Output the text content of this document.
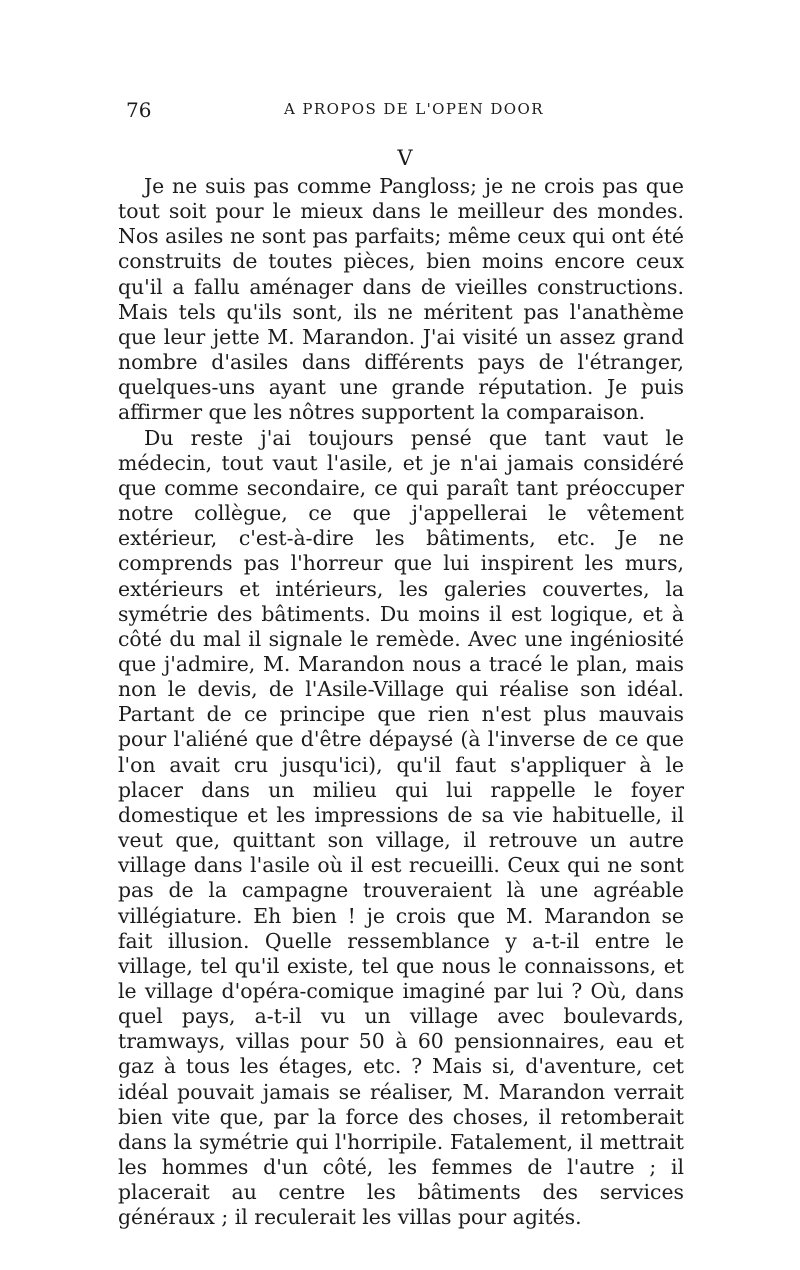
76	A PROPOS DE L'OPEN DOOR
V

Je ne suis pas comme Pangloss; je ne crois pas que tout soit pour le mieux dans le meilleur des mondes. Nos asiles ne sont pas parfaits; même ceux qui ont été construits de toutes pièces, bien moins encore ceux qu'il a fallu aménager dans de vieilles constructions. Mais tels qu'ils sont, ils ne méritent pas l'anathème que leur jette M. Marandon. J'ai visité un assez grand nombre d'asiles dans différents pays de l'étranger, quelques-uns ayant une grande réputation. Je puis affirmer que les nôtres supportent la comparaison.

Du reste j'ai toujours pensé que tant vaut le médecin, tout vaut l'asile, et je n'ai jamais considéré que comme secondaire, ce qui paraît tant préoccuper notre collègue, ce que j'appellerai le vêtement extérieur, c'est-à-dire les bâtiments, etc. Je ne comprends pas l'horreur que lui inspirent les murs, extérieurs et intérieurs, les galeries couvertes, la symétrie des bâtiments. Du moins il est logique, et à côté du mal il signale le remède. Avec une ingéniosité que j'admire, M. Marandon nous a tracé le plan, mais non le devis, de l'Asile-Village qui réalise son idéal. Partant de ce principe que rien n'est plus mauvais pour l'aliéné que d'être dépaysé (à l'inverse de ce que l'on avait cru jusqu'ici), qu'il faut s'appliquer à le placer dans un milieu qui lui rappelle le foyer domestique et les impressions de sa vie habituelle, il veut que, quittant son village, il retrouve un autre village dans l'asile où il est recueilli. Ceux qui ne sont pas de la campagne trouveraient là une agréable villégiature. Eh bien ! je crois que M. Marandon se fait illusion. Quelle ressemblance y a-t-il entre le village, tel qu'il existe, tel que nous le connaissons, et le village d'opéra-comique imaginé par lui ? Où, dans quel pays, a-t-il vu un village avec boulevards, tramways, villas pour 50 à 60 pensionnaires, eau et gaz à tous les étages, etc. ? Mais si, d'aventure, cet idéal pouvait jamais se réaliser, M. Marandon verrait bien vite que, par la force des choses, il retomberait dans la symétrie qui l'horripile. Fatalement, il mettrait les hommes d'un côté, les femmes de l'autre ; il placerait au centre les bâtiments des services généraux ; il reculerait les villas pour agités.
